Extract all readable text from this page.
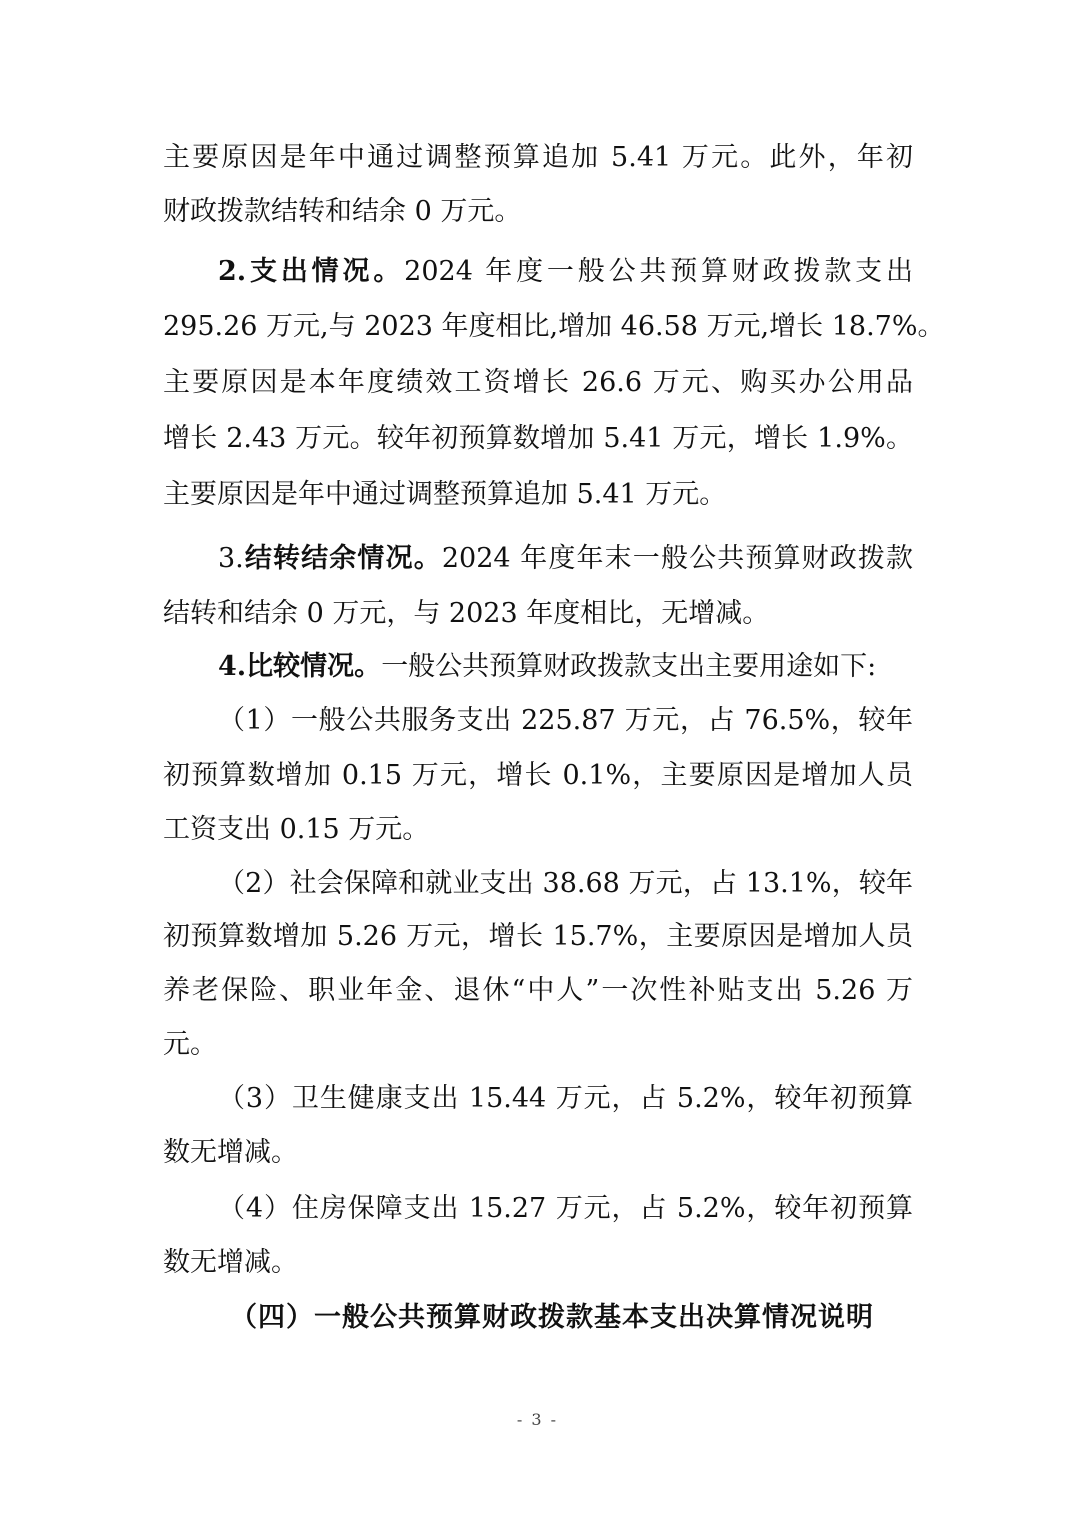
主要原因是年中通过调整预算追加 5.41 万元。此外，年初
财政拨款结转和结余 0 万元。
2.支出情况。2024 年度一般公共预算财政拨款支出
295.26 万元,与 2023 年度相比,增加 46.58 万元,增长 18.7%。
主要原因是本年度绩效工资增长 26.6 万元、购买办公用品
增长 2.43 万元。较年初预算数增加 5.41 万元，增长 1.9%。
主要原因是年中通过调整预算追加 5.41 万元。
3.结转结余情况。2024 年度年末一般公共预算财政拨款
结转和结余 0 万元，与 2023 年度相比，无增减。
4.比较情况。一般公共预算财政拨款支出主要用途如下:
（1）一般公共服务支出 225.87 万元，占 76.5%，较年
初预算数增加 0.15 万元，增长 0.1%，主要原因是增加人员
工资支出 0.15 万元。
（2）社会保障和就业支出 38.68 万元，占 13.1%，较年
初预算数增加 5.26 万元，增长 15.7%，主要原因是增加人员
养老保险、职业年金、退休“中人”一次性补贴支出 5.26 万
元。
（3）卫生健康支出 15.44 万元，占 5.2%，较年初预算
数无增减。
（4）住房保障支出 15.27 万元，占 5.2%，较年初预算
数无增减。
（四）一般公共预算财政拨款基本支出决算情况说明
- 3 -
